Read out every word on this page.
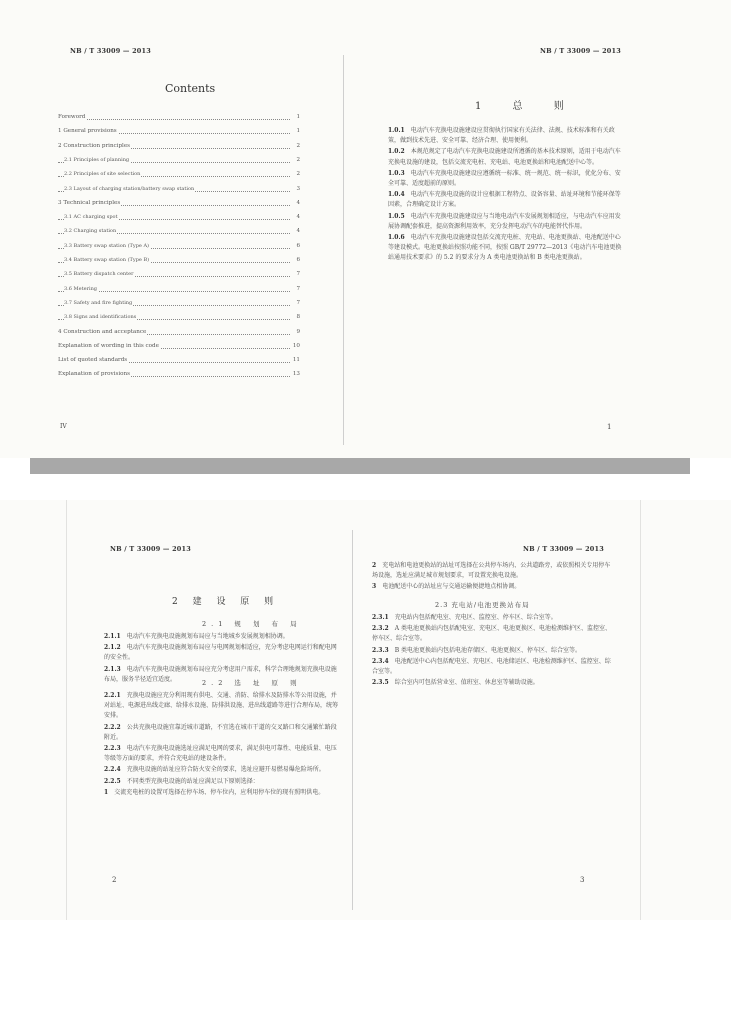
NB / T 33009 — 2013
Contents
Foreword	1
1 General provisions	1
2 Construction principles	2
2.1 Principles of planning	2
2.2 Principles of site selection	2
2.3 Layout of charging station/battery swap station	3
3 Technical principles	4
3.1 AC charging spot	4
3.2 Charging station	4
3.3 Battery swap station (Type A)	6
3.4 Battery swap station (Type B)	6
3.5 Battery dispatch center	7
3.6 Metering	7
3.7 Safety and fire fighting	7
3.8 Signs and identifications	8
4 Construction and acceptance	9
Explanation of wording in this code	10
List of quoted standards	11
Explanation of provisions	13
IV
NB / T 33009 — 2013
1 总 则
1.0.1  电动汽车充换电设施建设应贯彻执行国家有关法律、法规、技术标准和有关政策，做到技术先进、安全可靠、经济合理、使用便利。
1.0.2  本规范规定了电动汽车充换电设施建设所遵循的基本技术原则，适用于电动汽车充换电设施的建设，包括交流充电桩、充电站、电池更换站和电池配送中心等。
1.0.3  电动汽车充换电设施建设应遵循统一标准、统一规范、统一标识，优化分布、安全可靠、适度超前的原则。
1.0.4  电动汽车充换电设施的设计应根据工程特点、设备容量、站址环境和节能环保等因素，合理确定设计方案。
1.0.5  电动汽车充换电设施建设应与当地电动汽车发展规划相适应，与电动汽车应用发展协调配套推进，提高资源利用效率，充分发挥电动汽车的电能替代作用。
1.0.6  电动汽车充换电设施建设包括交流充电桩、充电站、电池更换站、电池配送中心等建设模式。电池更换站按照功能不同，按照 GB/T 29772—2013《电动汽车电池更换站通用技术要求》的 5.2 的要求分为 A 类电池更换站和 B 类电池更换站。
1
NB / T 33009 — 2013
2 建 设 原 则
2.1 规 划 布 局
2.1.1  电动汽车充换电设施规划布局应与当地城乡发展规划相协调。
2.1.2  电动汽车充换电设施规划布局应与电网规划相适应，充分考虑电网运行和配电网的安全性。
2.1.3  电动汽车充换电设施规划布局应充分考虑用户需求，科学合理地规划充换电设施布局，服务半径适宜适度。	2.2 选 址 原 则
2.2.1  充换电设施应充分利用现有供电、交通、消防、给排水及防排水等公用设施，并对站址、电源进出线走廊、给排水设施、防排洪设施、进出线道路等进行合理布局，统筹安排。
2.2.2  公共充换电设施宜靠近城市道路，不宜选在城市干道的交叉路口和交通繁忙路段附近。
2.2.3  电动汽车充换电设施选址应满足电网的要求，满足供电可靠性、电能质量、电压等级等方面的要求，并符合充电站的建设条件。
2.2.4  充换电设施的站址应符合防火安全的要求，选址应避开易燃易爆危险场所。
2.2.5  不同类型充换电设施的站址应满足以下原则选择：
1  交流充电桩的设置可选择在停车场、停车位内，应利用停车位的现有照明供电。
2
NB / T 33009 — 2013
2  充电站和电池更换站的站址可选择在公共停车场内、公共道路旁，或依照相关专用停车场设施，选址应满足城市规划要求，可设置充换电设施。
3  电池配送中心的站址应与交通运输便捷地点相协调。
2.3 充电站/电池更换站布局
2.3.1  充电站内包括配电室、充电区、监控室、停车区、综合室等。
2.3.2  A 类电池更换站内包括配电室、充电区、电池更换区、电池检测维护区、监控室、停车区、综合室等。
2.3.3  B 类电池更换站内包括电池存储区、电池更换区、停车区、综合室等。
2.3.4  电池配送中心内包括配电室、充电区、电池储运区、电池检测维护区、监控室、综合室等。
2.3.5  综合室内可包括营业室、值班室、休息室等辅助设施。
3
